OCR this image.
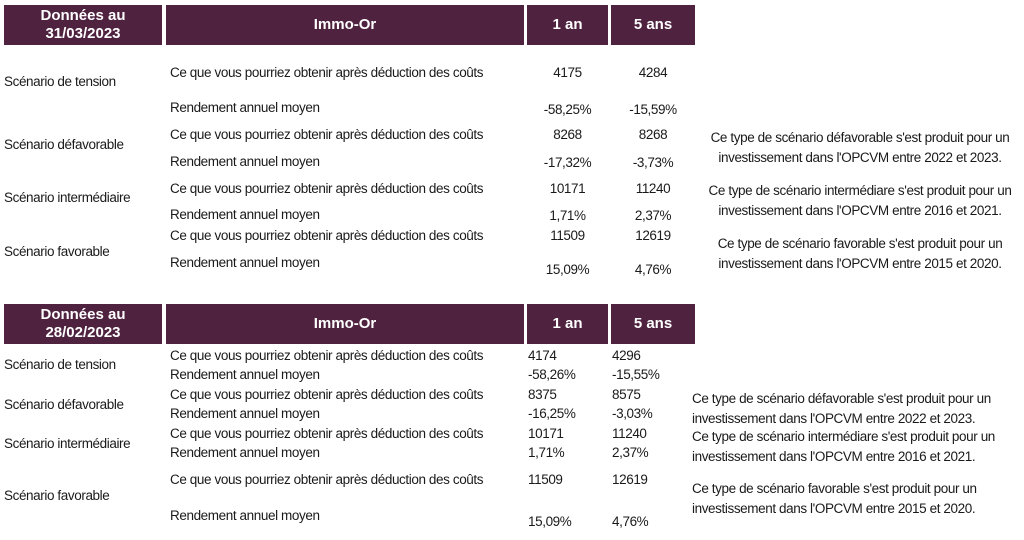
Données au
31/03/2023
Immo-Or	1 an	5 ans
Scénario de tension
Ce que vous pourriez obtenir après déduction des coûts	4175	4284
Rendement annuel moyen	-58,25%	-15,59%
Scénario défavorable
Ce que vous pourriez obtenir après déduction des coûts	8268	8268
Rendement annuel moyen	-17,32%	-3,73%
Ce type de scénario défavorable s'est produit pour un
investissement dans l'OPCVM entre 2022 et 2023.
Scénario intermédiaire
Ce que vous pourriez obtenir après déduction des coûts	10171	11240
Rendement annuel moyen	1,71%	2,37%
Ce type de scénario intermédiare s'est produit pour un
investissement dans l'OPCVM entre 2016 et 2021.
Scénario favorable
Ce que vous pourriez obtenir après déduction des coûts	11509	12619
Rendement annuel moyen	15,09%	4,76%
Ce type de scénario favorable s'est produit pour un
investissement dans l'OPCVM entre 2015 et 2020.
Données au
28/02/2023
Immo-Or	1 an	5 ans
Scénario de tension
Ce que vous pourriez obtenir après déduction des coûts	4174	4296
Rendement annuel moyen	-58,26%	-15,55%
Scénario défavorable
Ce que vous pourriez obtenir après déduction des coûts	8375	8575
Rendement annuel moyen	-16,25%	-3,03%
Ce type de scénario défavorable s'est produit pour un
investissement dans l'OPCVM entre 2022 et 2023.
Scénario intermédiaire
Ce que vous pourriez obtenir après déduction des coûts	10171	11240
Rendement annuel moyen	1,71%	2,37%
Ce type de scénario intermédiare s'est produit pour un
investissement dans l'OPCVM entre 2016 et 2021.
Scénario favorable
Ce que vous pourriez obtenir après déduction des coûts	11509	12619
Rendement annuel moyen	15,09%	4,76%
Ce type de scénario favorable s'est produit pour un
investissement dans l'OPCVM entre 2015 et 2020.
